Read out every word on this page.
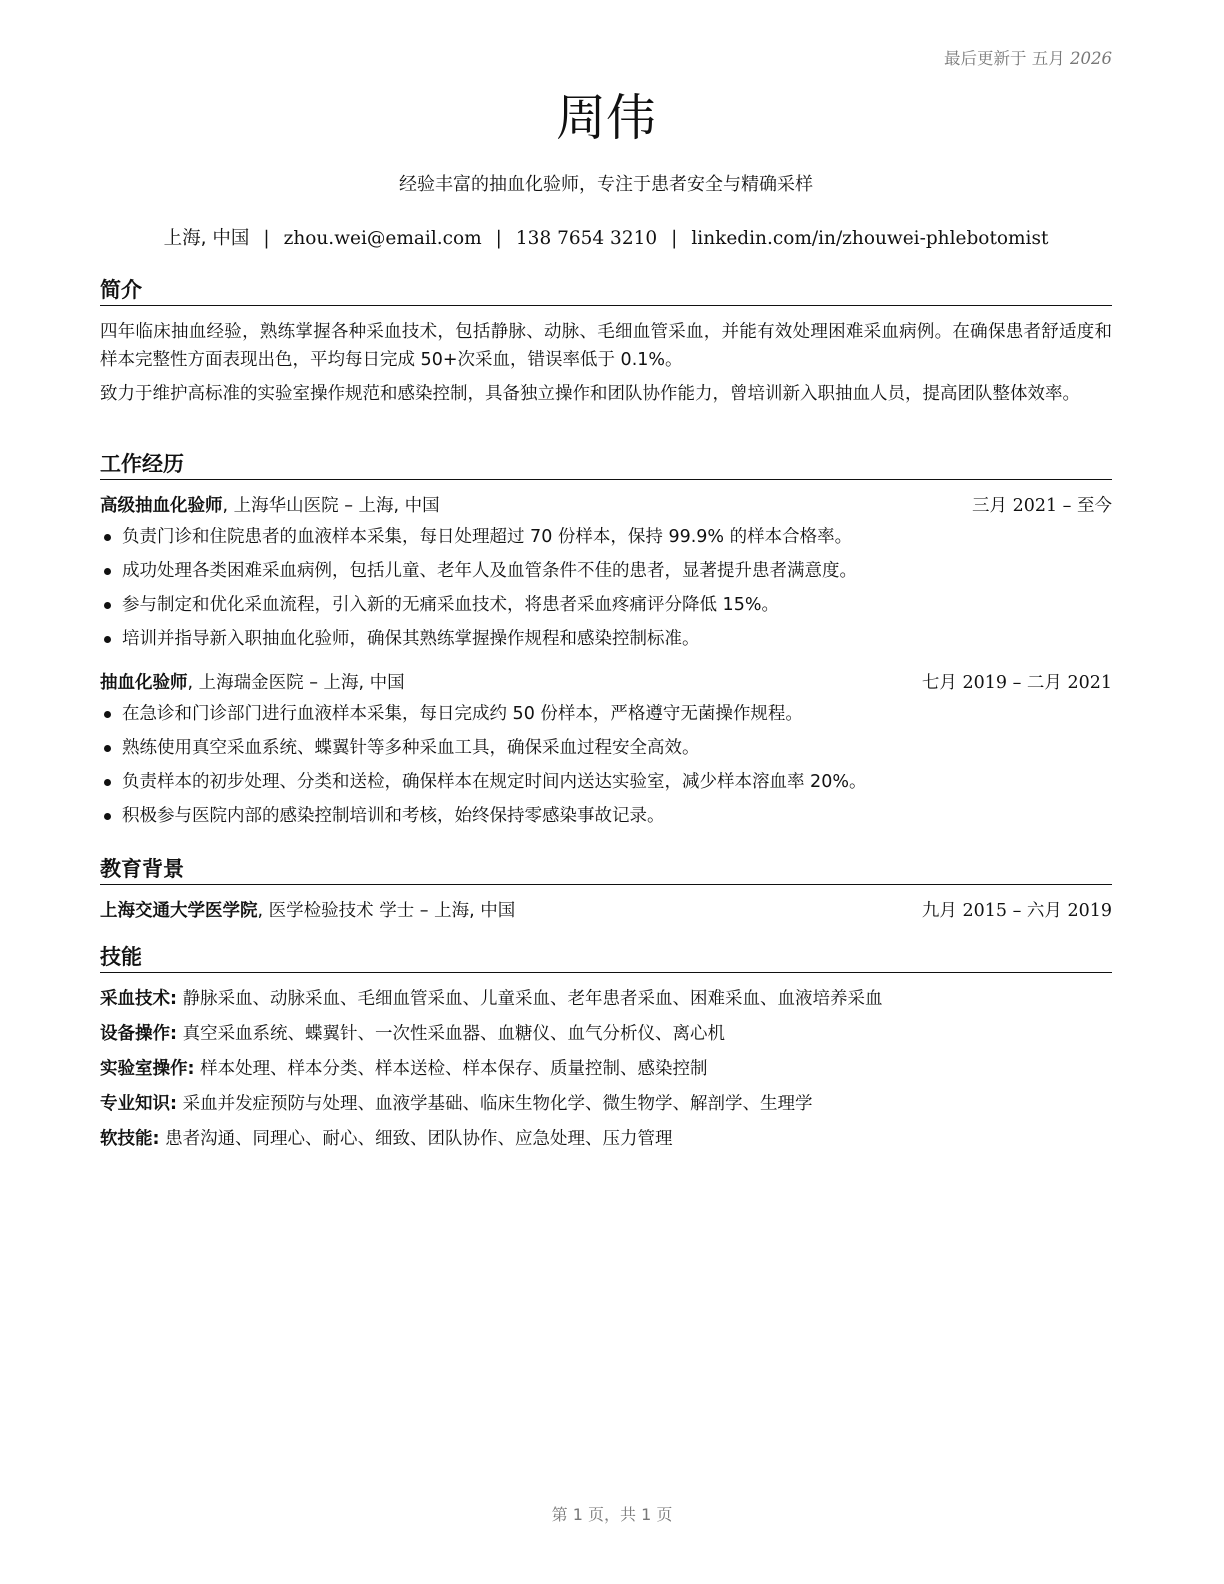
最后更新于 五月 2026
周伟
经验丰富的抽血化验师，专注于患者安全与精确采样
上海, 中国 | zhou.wei@email.com | 138 7654 3210 | linkedin.com/in/zhouwei-phlebotomist
简介

四年临床抽血经验，熟练掌握各种采血技术，包括静脉、动脉、毛细血管采血，并能有效处理困难采血病例。在确保患者舒适度和样本完整性方面表现出色，平均每日完成 50+次采血，错误率低于 0.1%。

致力于维护高标准的实验室操作规范和感染控制，具备独立操作和团队协作能力，曾培训新入职抽血人员，提高团队整体效率。

工作经历
高级抽血化验师, 上海华山医院 – 上海, 中国	三月 2021 – 至今
负责门诊和住院患者的血液样本采集，每日处理超过 70 份样本，保持 99.9% 的样本合格率。
成功处理各类困难采血病例，包括儿童、老年人及血管条件不佳的患者，显著提升患者满意度。
参与制定和优化采血流程，引入新的无痛采血技术，将患者采血疼痛评分降低 15%。
培训并指导新入职抽血化验师，确保其熟练掌握操作规程和感染控制标准。
抽血化验师, 上海瑞金医院 – 上海, 中国	七月 2019 – 二月 2021
在急诊和门诊部门进行血液样本采集，每日完成约 50 份样本，严格遵守无菌操作规程。
熟练使用真空采血系统、蝶翼针等多种采血工具，确保采血过程安全高效。
负责样本的初步处理、分类和送检，确保样本在规定时间内送达实验室，减少样本溶血率 20%。
积极参与医院内部的感染控制培训和考核，始终保持零感染事故记录。
教育背景
上海交通大学医学院, 医学检验技术 学士 – 上海, 中国	九月 2015 – 六月 2019
技能
采血技术: 静脉采血、动脉采血、毛细血管采血、儿童采血、老年患者采血、困难采血、血液培养采血
设备操作: 真空采血系统、蝶翼针、一次性采血器、血糖仪、血气分析仪、离心机
实验室操作: 样本处理、样本分类、样本送检、样本保存、质量控制、感染控制
专业知识: 采血并发症预防与处理、血液学基础、临床生物化学、微生物学、解剖学、生理学
软技能: 患者沟通、同理心、耐心、细致、团队协作、应急处理、压力管理
第 1 页，共 1 页
